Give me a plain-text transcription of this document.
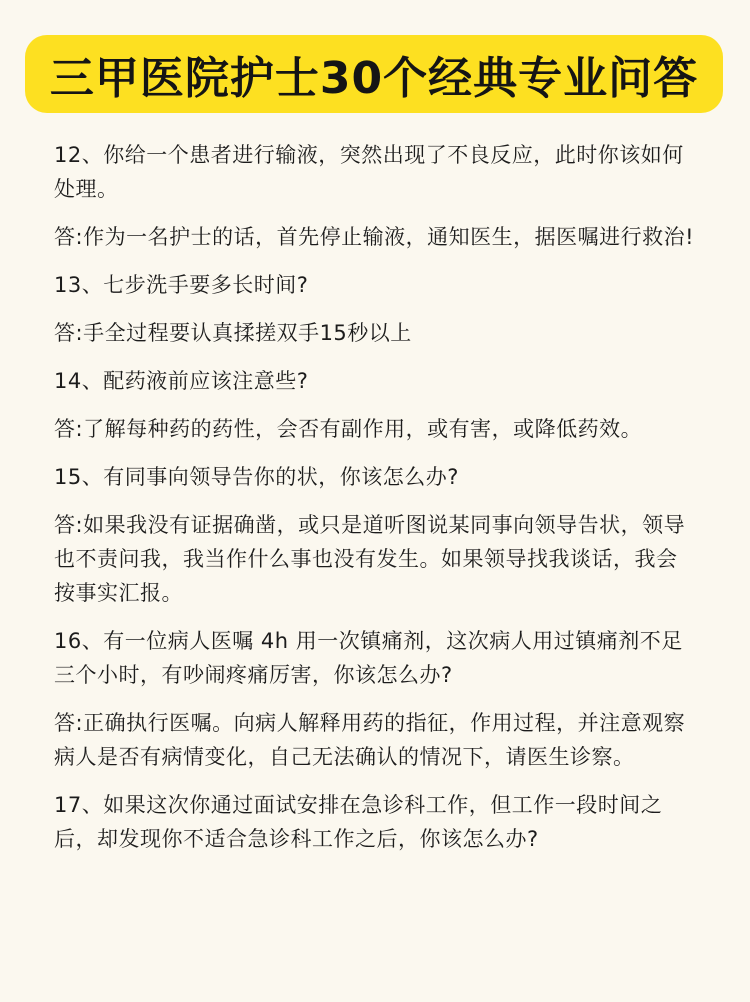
三甲医院护士30个经典专业问答

12、你给一个患者进行输液，突然出现了不良反应，此时你该如何处理。

答:作为一名护士的话，首先停止输液，通知医生，据医嘱进行救治!

13、七步洗手要多长时间?

答:手全过程要认真揉搓双手15秒以上

14、配药液前应该注意些?

答:了解每种药的药性，会否有副作用，或有害，或降低药效。

15、有同事向领导告你的状，你该怎么办?

答:如果我没有证据确凿，或只是道听图说某同事向领导告状，领导也不责问我，我当作什么事也没有发生。如果领导找我谈话，我会按事实汇报。

16、有一位病人医嘱 4h 用一次镇痛剂，这次病人用过镇痛剂不足三个小时，有吵闹疼痛厉害，你该怎么办?

答:正确执行医嘱。向病人解释用药的指征，作用过程，并注意观察病人是否有病情变化，自己无法确认的情况下，请医生诊察。

17、如果这次你通过面试安排在急诊科工作，但工作一段时间之后，却发现你不适合急诊科工作之后，你该怎么办?
